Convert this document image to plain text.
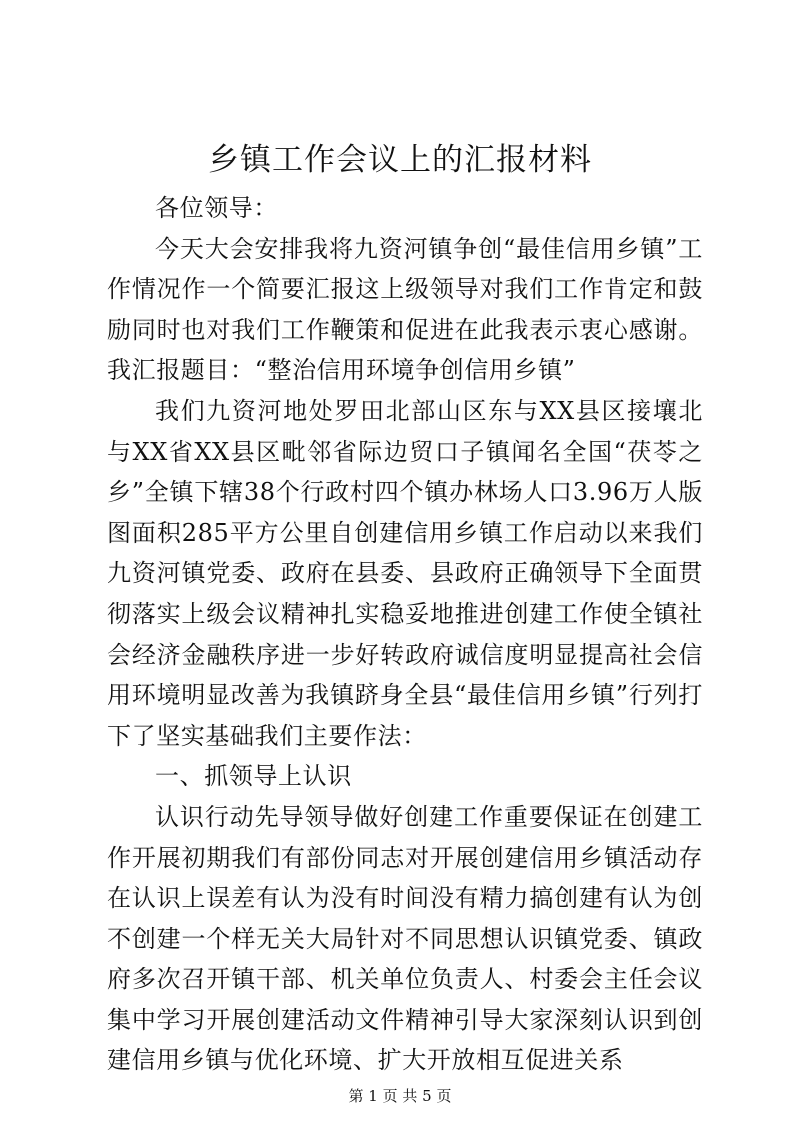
乡镇工作会议上的汇报材料

各位领导：

今天大会安排我将九资河镇争创“最佳信用乡镇”工作情况作一个简要汇报这上级领导对我们工作肯定和鼓励同时也对我们工作鞭策和促进在此我表示衷心感谢。我汇报题目：“整治信用环境争创信用乡镇”

我们九资河地处罗田北部山区东与XX县区接壤北与XX省XX县区毗邻省际边贸口子镇闻名全国“茯苓之乡”全镇下辖38个行政村四个镇办林场人口3.96万人版图面积285平方公里自创建信用乡镇工作启动以来我们九资河镇党委、政府在县委、县政府正确领导下全面贯彻落实上级会议精神扎实稳妥地推进创建工作使全镇社会经济金融秩序进一步好转政府诚信度明显提高社会信用环境明显改善为我镇跻身全县“最佳信用乡镇”行列打下了坚实基础我们主要作法：

一、抓领导上认识

认识行动先导领导做好创建工作重要保证在创建工作开展初期我们有部份同志对开展创建信用乡镇活动存在认识上误差有认为没有时间没有精力搞创建有认为创不创建一个样无关大局针对不同思想认识镇党委、镇政府多次召开镇干部、机关单位负责人、村委会主任会议集中学习开展创建活动文件精神引导大家深刻认识到创建信用乡镇与优化环境、扩大开放相互促进关系

第 1 页 共 5 页
